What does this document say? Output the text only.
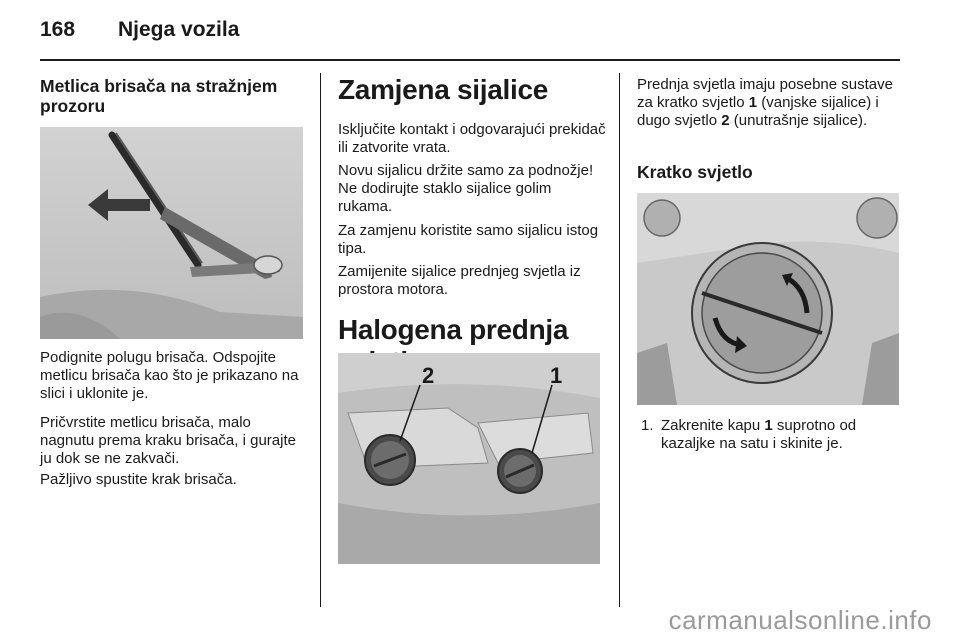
168 Njega vozila
Metlica brisača na stražnjem prozoru
Podignite polugu brisača. Odspojite metlicu brisača kao što je prikazano na slici i uklonite je.
Pričvrstite metlicu brisača, malo nagnutu prema kraku brisača, i gurajte ju dok se ne zakvači.
Pažljivo spustite krak brisača.
Zamjena sijalice
Isključite kontakt i odgovarajući prekidač ili zatvorite vrata.
Novu sijalicu držite samo za podnožje! Ne dodirujte staklo sijalice golim rukama.
Za zamjenu koristite samo sijalicu istog tipa.
Zamijenite sijalice prednjeg svjetla iz prostora motora.
Halogena prednja
2	1
Prednja svjetla imaju posebne sustave za kratko svjetlo 1 (vanjske sijalice) i dugo svjetlo 2 (unutrašnje sijalice).
Kratko svjetlo
1. Zakrenite kapu 1 suprotno od kazaljke na satu i skinite je.
carmanualsonline.info
